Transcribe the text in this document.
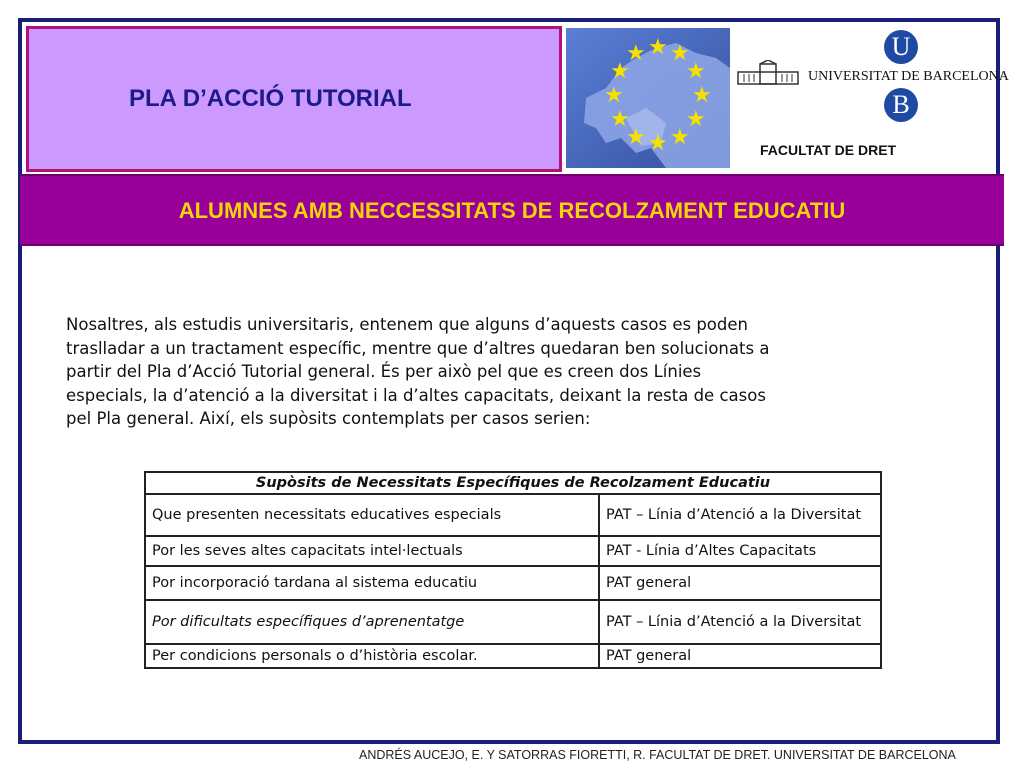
PLA D’ACCIÓ TUTORIAL
★ ★
★
★
★
★
★
★
★
★
★
★	U
UNIVERSITAT DE BARCELONA
B
FACULTAT DE DRET
ALUMNES AMB NECCESSITATS DE RECOLZAMENT EDUCATIU
Nosaltres, als estudis universitaris, entenem que alguns d’aquests casos es poden
traslladar a un tractament específic, mentre que d’altres quedaran ben solucionats a
partir del Pla d’Acció Tutorial general. És per això pel que es creen dos Línies
especials, la d’atenció a la diversitat i la d’altes capacitats, deixant la resta de casos
pel Pla general. Així, els supòsits contemplats per casos serien:
Supòsits de Necessitats Específiques de Recolzament Educatiu	
Que presenten necessitats educatives especials	PAT – Línia d’Atenció a la Diversitat
Por les seves altes capacitats intel·lectuals	PAT - Línia d’Altes Capacitats
Por incorporació tardana al sistema educatiu	PAT general
Por dificultats específiques d’aprenentatge	PAT – Línia d’Atenció a la Diversitat
Per condicions personals o d’història escolar.	PAT general
ANDRÉS AUCEJO, E. Y SATORRAS FIORETTI, R. FACULTAT DE DRET. UNIVERSITAT DE BARCELONA
